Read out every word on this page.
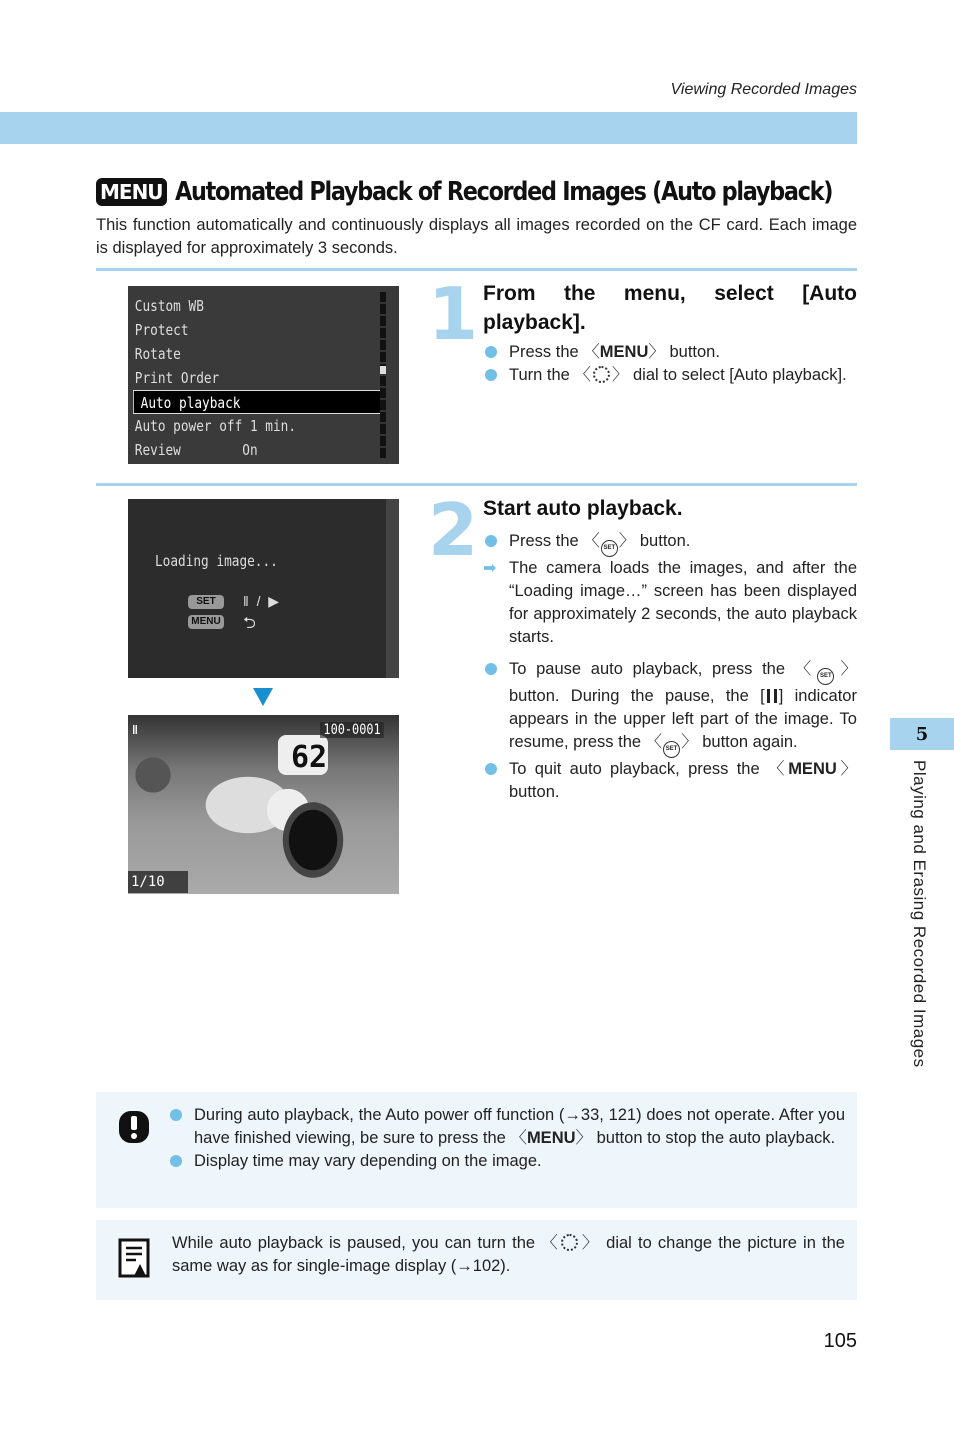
Viewing Recorded Images
MENU Automated Playback of Recorded Images (Auto playback)
This function automatically and continuously displays all images recorded on the CF card. Each image is displayed for approximately 3 seconds.
Custom WB
Protect
Rotate
Print Order
Auto playback
Auto power off 1 min.
Review        On
1 From the menu, select [Auto playback].
Press the 〈MENU〉 button.
Turn the 〈 〉 dial to select [Auto playback].
Loading image...
SET
MENU
‖  /  ▶
⮌
62
‖	100-0001
1/10
2 Start auto playback.
Press the 〈 SET 〉 button.
➡ The camera loads the images, and after the “Loading image…” screen has been displayed for approximately 2 seconds, the auto playback starts.
To pause auto playback, press the 〈 SET 〉 button. During the pause, the [ ] indicator appears in the upper left part of the image. To resume, press the 〈 SET 〉 button again.
To quit auto playback, press the 〈MENU〉 button.
5
Playing and Erasing Recorded Images
During auto playback, the Auto power off function (→33, 121) does not operate. After you have finished viewing, be sure to press the 〈MENU〉 button to stop the auto playback.
Display time may vary depending on the image.
While auto playback is paused, you can turn the 〈 〉 dial to change the picture in the same way as for single-image display (→102).
105
